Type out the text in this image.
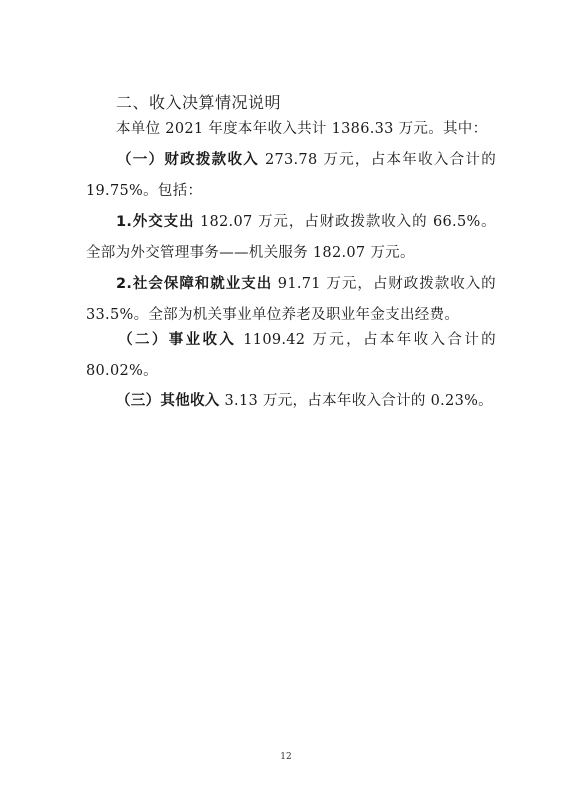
二、收入决算情况说明

本单位 2021 年度本年收入共计 1386.33 万元。其中：

（一）财政拨款收入 273.78 万元，占本年收入合计的 19.75%。包括：

1.外交支出 182.07 万元，占财政拨款收入的 66.5%。全部为外交管理事务——机关服务 182.07 万元。

2.社会保障和就业支出 91.71 万元，占财政拨款收入的 33.5%。全部为机关事业单位养老及职业年金支出经费。

（二）事业收入 1109.42 万元，占本年收入合计的 80.02%。

（三）其他收入 3.13 万元，占本年收入合计的 0.23%。

12
